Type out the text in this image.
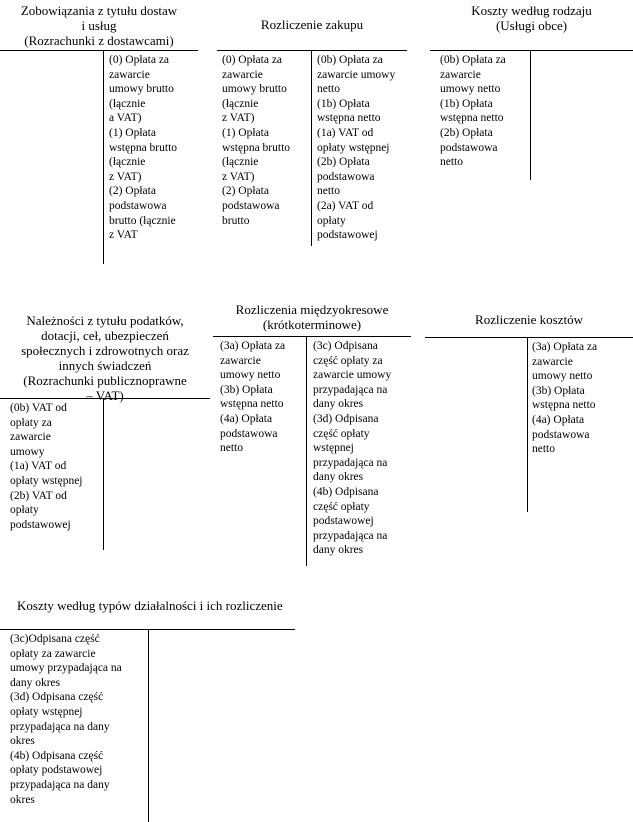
Zobowiązania z tytułu dostaw
i usług
(Rozrachunki z dostawcami)
(0) Opłata za
zawarcie
umowy brutto
(łącznie
a VAT)
(1) Opłata
wstępna brutto
(łącznie
z VAT)
(2) Opłata
podstawowa
brutto (łącznie
z VAT
Rozliczenie zakupu
(0) Opłata za
zawarcie
umowy brutto
(łącznie
z VAT)
(1) Opłata
wstępna brutto
(łącznie
z VAT)
(2) Opłata
podstawowa
brutto
(0b) Opłata za
zawarcie umowy
netto
(1b) Opłata
wstępna netto
(1a) VAT od
opłaty wstępnej
(2b) Opłata
podstawowa
netto
(2a) VAT od
opłaty
podstawowej
Koszty według rodzaju
(Usługi obce)
(0b) Opłata za
zawarcie
umowy netto
(1b) Opłata
wstępna netto
(2b) Opłata
podstawowa
netto
Należności z tytułu podatków,
dotacji, ceł, ubezpieczeń
społecznych i zdrowotnych oraz
innych świadczeń
(Rozrachunki publicznoprawne
– VAT)
(0b) VAT od
opłaty za
zawarcie
umowy
(1a) VAT od
opłaty wstępnej
(2b) VAT od
opłaty
podstawowej
Rozliczenia międzyokresowe
(krótkoterminowe)
(3a) Opłata za
zawarcie
umowy netto
(3b) Opłata
wstępna netto
(4a) Opłata
podstawowa
netto
(3c) Odpisana
część opłaty za
zawarcie umowy
przypadająca na
dany okres
(3d) Odpisana
część opłaty
wstępnej
przypadająca na
dany okres
(4b) Odpisana
część opłaty
podstawowej
przypadająca na
dany okres
Rozliczenie kosztów
(3a) Opłata za
zawarcie
umowy netto
(3b) Opłata
wstępna netto
(4a) Opłata
podstawowa
netto
Koszty według typów działalności i ich rozliczenie
(3c)Odpisana część
opłaty za zawarcie
umowy przypadająca na
dany okres
(3d) Odpisana część
opłaty wstępnej
przypadająca na dany
okres
(4b) Odpisana część
opłaty podstawowej
przypadająca na dany
okres
